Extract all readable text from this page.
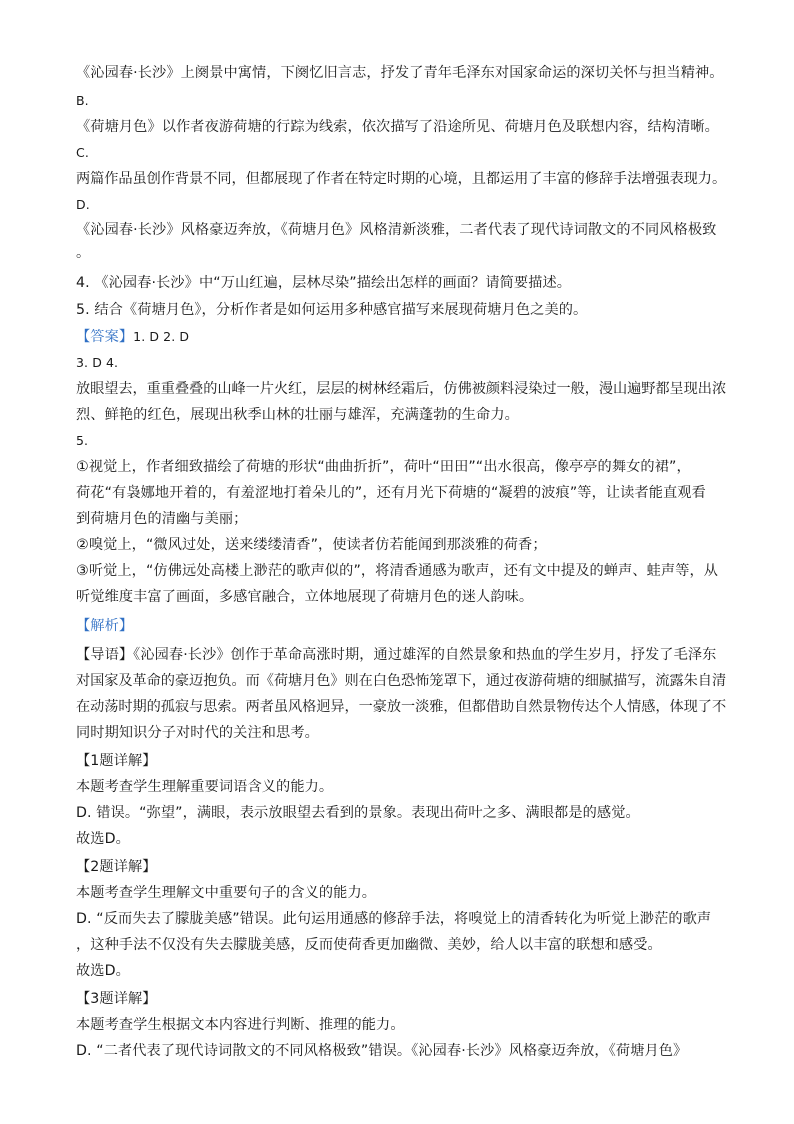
《沁园春·长沙》上阕景中寓情，下阕忆旧言志，抒发了青年毛泽东对国家命运的深切关怀与担当精神。
B.
《荷塘月色》以作者夜游荷塘的行踪为线索，依次描写了沿途所见、荷塘月色及联想内容，结构清晰。
C.
两篇作品虽创作背景不同，但都展现了作者在特定时期的心境，且都运用了丰富的修辞手法增强表现力。
D.
《沁园春·长沙》风格豪迈奔放，《荷塘月色》风格清新淡雅，二者代表了现代诗词散文的不同风格极致
。
4. 《沁园春·长沙》中“万山红遍，层林尽染”描绘出怎样的画面？请简要描述。
5. 结合《荷塘月色》，分析作者是如何运用多种感官描写来展现荷塘月色之美的。
【答案】1. D 2. D
3. D 4.
放眼望去，重重叠叠的山峰一片火红，层层的树林经霜后，仿佛被颜料浸染过一般，漫山遍野都呈现出浓
烈、鲜艳的红色，展现出秋季山林的壮丽与雄浑，充满蓬勃的生命力。
5.
①视觉上，作者细致描绘了荷塘的形状“曲曲折折”，荷叶“田田”“出水很高，像亭亭的舞女的裙”，
荷花“有袅娜地开着的，有羞涩地打着朵儿的”，还有月光下荷塘的“凝碧的波痕”等，让读者能直观看
到荷塘月色的清幽与美丽；
②嗅觉上，“微风过处，送来缕缕清香”，使读者仿若能闻到那淡雅的荷香；
③听觉上，“仿佛远处高楼上渺茫的歌声似的”，将清香通感为歌声，还有文中提及的蝉声、蛙声等，从
听觉维度丰富了画面，多感官融合，立体地展现了荷塘月色的迷人韵味。
【解析】
【导语】《沁园春·长沙》创作于革命高涨时期，通过雄浑的自然景象和热血的学生岁月，抒发了毛泽东
对国家及革命的豪迈抱负。而《荷塘月色》则在白色恐怖笼罩下，通过夜游荷塘的细腻描写，流露朱自清
在动荡时期的孤寂与思索。两者虽风格迥异，一豪放一淡雅，但都借助自然景物传达个人情感，体现了不
同时期知识分子对时代的关注和思考。
【1题详解】
本题考查学生理解重要词语含义的能力。
D. 错误。“弥望”，满眼，表示放眼望去看到的景象。表现出荷叶之多、满眼都是的感觉。
故选D。
【2题详解】
本题考查学生理解文中重要句子的含义的能力。
D. “反而失去了朦胧美感”错误。此句运用通感的修辞手法，将嗅觉上的清香转化为听觉上渺茫的歌声
，这种手法不仅没有失去朦胧美感，反而使荷香更加幽微、美妙，给人以丰富的联想和感受。
故选D。
【3题详解】
本题考查学生根据文本内容进行判断、推理的能力。
D. “二者代表了现代诗词散文的不同风格极致”错误。《沁园春·长沙》风格豪迈奔放，《荷塘月色》
